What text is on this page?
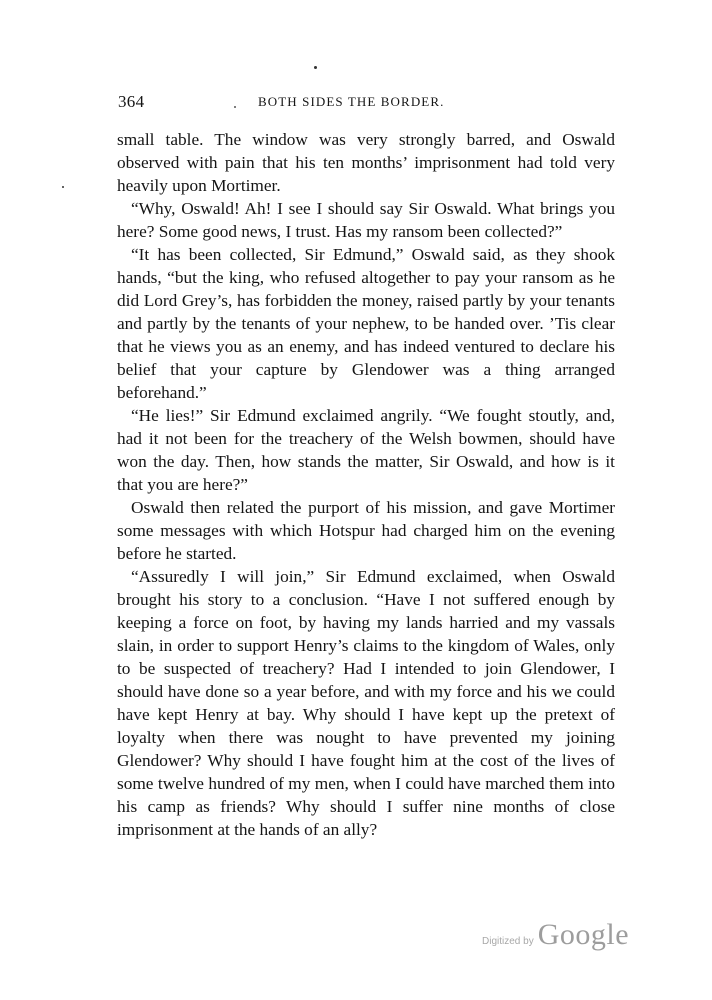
364	BOTH SIDES THE BORDER.

small table. The window was very strongly barred, and Oswald observed with pain that his ten months’ imprisonment had told very heavily upon Mortimer.

“Why, Oswald! Ah! I see I should say Sir Oswald. What brings you here? Some good news, I trust. Has my ransom been collected?”

“It has been collected, Sir Edmund,” Oswald said, as they shook hands, “but the king, who refused altogether to pay your ransom as he did Lord Grey’s, has forbidden the money, raised partly by your tenants and partly by the tenants of your nephew, to be handed over. ’Tis clear that he views you as an enemy, and has indeed ventured to declare his belief that your capture by Glendower was a thing arranged beforehand.”

“He lies!” Sir Edmund exclaimed angrily. “We fought stoutly, and, had it not been for the treachery of the Welsh bowmen, should have won the day. Then, how stands the matter, Sir Oswald, and how is it that you are here?”

Oswald then related the purport of his mission, and gave Mortimer some messages with which Hotspur had charged him on the evening before he started.

“Assuredly I will join,” Sir Edmund exclaimed, when Oswald brought his story to a conclusion. “Have I not suffered enough by keeping a force on foot, by having my lands harried and my vassals slain, in order to support Henry’s claims to the kingdom of Wales, only to be suspected of treachery? Had I intended to join Glendower, I should have done so a year before, and with my force and his we could have kept Henry at bay. Why should I have kept up the pretext of loyalty when there was nought to have prevented my joining Glendower? Why should I have fought him at the cost of the lives of some twelve hundred of my men, when I could have marched them into his camp as friends? Why should I suffer nine months of close imprisonment at the hands of an ally?

Digitized by Google
